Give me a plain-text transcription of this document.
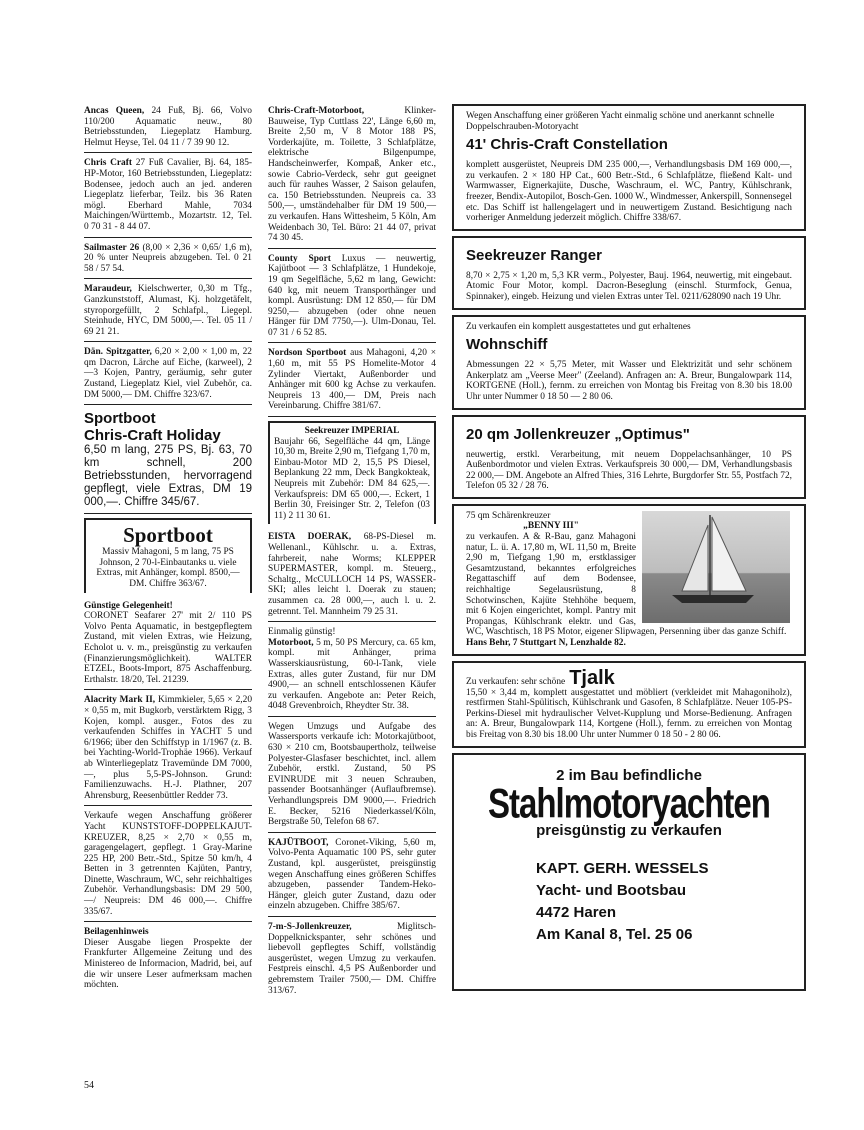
Ancas Queen, 24 Fuß, Bj. 66, Volvo 110/200 Aquamatic neuw., 80 Betriebsstunden, Liegeplatz Hamburg. Helmut Heyse, Tel. 04 11 / 7 39 90 12.
Chris Craft 27 Fuß Cavalier, Bj. 64, 185-HP-Motor, 160 Betriebsstunden, Liegeplatz: Bodensee, jedoch auch an jed. anderen Liegeplatz lieferbar, Teilz. bis 36 Raten mögl. Eberhard Mahle, 7034 Maichingen/Württemb., Mozartstr. 12, Tel. 0 70 31 - 8 44 07.
Sailmaster 26 (8,00 × 2,36 × 0,65/ 1,6 m), 20 % unter Neupreis abzugeben. Tel. 0 21 58 / 57 54.
Maraudeur, Kielschwerter, 0,30 m Tfg., Ganzkunststoff, Alumast, Kj. holzgetäfelt, styroporgefüllt, 2 Schlafpl., Liegepl. Steinhude, HYC, DM 5000,—. Tel. 05 11 / 69 21 21.
Dän. Spitzgatter, 6,20 × 2,00 × 1,00 m, 22 qm Dacron, Lärche auf Eiche, (karweel), 2—3 Kojen, Pantry, geräumig, sehr guter Zustand, Liegeplatz Kiel, viel Zubehör, ca. DM 5000,— DM. Chiffre 323/67.
Sportboot
Chris-Craft Holiday
6,50 m lang, 275 PS, Bj. 63, 70 km schnell, 200 Betriebsstunden, hervorragend gepflegt, viele Extras, DM 19 000,—. Chiffre 345/67.
Sportboot
Massiv Mahagoni, 5 m lang, 75 PS Johnson, 2 70-l-Einbautanks u. viele Extras, mit Anhänger, kompl. 8500,— DM. Chiffre 363/67.
Günstige Gelegenheit!
CORONET Seafarer 27' mit 2/ 110 PS Volvo Penta Aquamatic, in bestgepflegtem Zustand, mit vielen Extras, wie Heizung, Echolot u. v. m., preisgünstig zu verkaufen (Finanzierungsmöglichkeit). WALTER ETZEL, Boots-Import, 875 Aschaffenburg. Erthalstr. 18/20, Tel. 21239.
Alacrity Mark II, Kimmkieler, 5,65 × 2,20 × 0,55 m, mit Bugkorb, verstärktem Rigg, 3 Kojen, kompl. ausger., Fotos des zu verkaufenden Schiffes in YACHT 5 und 6/1966; über den Schiffstyp in 1/1967 (z. B. bei Yachting-World-Trophäe 1966). Verkauf ab Winterliegeplatz Travemünde DM 7000,—, plus 5,5-PS-Johnson. Grund: Familienzuwachs. H.-J. Plathner, 207 Ahrensburg, Reesenbüttler Redder 73.
Verkaufe wegen Anschaffung größerer Yacht KUNSTSTOFF-DOPPELKAJUT-KREUZER, 8,25 × 2,70 × 0,55 m, garagengelagert, gepflegt. 1 Gray-Marine 225 HP, 200 Betr.-Std., Spitze 50 km/h, 4 Betten in 3 getrennten Kajüten, Pantry, Dinette, Waschraum, WC, sehr reichhaltiges Zubehör. Verhandlungsbasis: DM 29 500,—/ Neupreis: DM 46 000,—. Chiffre 335/67.
Beilagenhinweis
Dieser Ausgabe liegen Prospekte der Frankfurter Allgemeine Zeitung und des Ministereo de Informacion, Madrid, bei, auf die wir unsere Leser aufmerksam machen möchten.
Chris-Craft-Motorboot,	Klinker-Bauweise, Typ Cuttlass 22', Länge 6,60 m, Breite 2,50 m, V 8 Motor 188 PS, Vorderkajüte, m. Toilette, 3 Schlafplätze, elektrische Bilgenpumpe, Handscheinwerfer, Kompaß, Anker etc., sowie Cabrio-Verdeck, sehr gut geeignet auch für rauhes Wasser, 2 Saison gelaufen, ca. 150 Betriebsstunden. Neupreis ca. 33 500,—, umständehalber für DM 19 500,— zu verkaufen. Hans Wittesheim, 5 Köln, Am Weidenbach 30, Tel. Büro: 21 44 07, privat 74 30 45.
County Sport Luxus — neuwertig, Kajütboot — 3 Schlafplätze, 1 Hundekoje, 19 qm Segelfläche, 5,62 m lang, Gewicht: 640 kg, mit neuem Transporthänger und kompl. Ausrüstung: DM 12 850,— für DM 9250,— abzugeben (oder ohne neuen Hänger für DM 7750,—). Ulm-Donau, Tel. 07 31 / 6 52 85.
Nordson Sportboot aus Mahagoni, 4,20 × 1,60 m, mit 55 PS Homelite-Motor 4 Zylinder Viertakt, Außenborder und Anhänger mit 600 kg Achse zu verkaufen. Neupreis 13 400,— DM, Preis nach Vereinbarung. Chiffre 381/67.
Seekreuzer IMPERIAL
Baujahr 66, Segelfläche 44 qm, Länge 10,30 m, Breite 2,90 m, Tiefgang 1,70 m, Einbau-Motor MD 2, 15,5 PS Diesel, Beplankung 22 mm, Deck Bangkokteak, Neupreis mit Zubehör: DM 84 625,—. Verkaufspreis: DM 65 000,—. Eckert, 1 Berlin 30, Freisinger Str. 2, Telefon (03 11) 2 11 30 61.
EISTA DOERAK, 68-PS-Diesel m. Wellenanl., Kühlschr. u. a. Extras, fahrbereit, nahe Worms; KLEPPER SUPERMASTER, kompl. m. Steuerg., Schaltg., McCULLOCH 14 PS, WASSER-SKI; alles leicht l. Doerak zu stauen; zusammen ca. 28 000,—, auch l. u. 2. getrennt. Tel. Mannheim 79 25 31.
Einmalig günstig!
Motorboot, 5 m, 50 PS Mercury, ca. 65 km, kompl. mit Anhänger, prima Wasserskiausrüstung, 60-l-Tank, viele Extras, alles guter Zustand, für nur DM 4900,— an schnell entschlossenen Käufer zu verkaufen. Angebote an: Peter Reich, 4048 Grevenbroich, Rheydter Str. 38.
Wegen Umzugs und Aufgabe des Wassersports verkaufe ich: Motorkajütboot, 630 × 210 cm, Bootsbaupertholz, teilweise Polyester-Glasfaser beschichtet, incl. allem Zubehör, erstkl. Zustand, 50 PS EVINRUDE mit 3 neuen Schrauben, passender Bootsanhänger (Auflaufbremse). Verhandlungspreis DM 9000,—. Friedrich E. Becker, 5216 Niederkassel/Köln, Bergstraße 50, Telefon 68 67.
KAJÜTBOOT, Coronet-Viking, 5,60 m, Volvo-Penta Aquamatic 100 PS, sehr guter Zustand, kpl. ausgerüstet, preisgünstig wegen Anschaffung eines größeren Schiffes abzugeben, passender Tandem-Heko-Hänger, gleich guter Zustand, dazu oder einzeln abzugeben. Chiffre 385/67.
7-m-S-Jollenkreuzer,	Miglitsch-Doppelknickspanter, sehr schönes und liebevoll gepflegtes Schiff, vollständig ausgerüstet, wegen Umzug zu verkaufen. Festpreis einschl. 4,5 PS Außenborder und gebremstem Trailer 7500,— DM. Chiffre 313/67.
Wegen Anschaffung einer größeren Yacht einmalig schöne und anerkannt schnelle Doppelschrauben-Motoryacht
41' Chris-Craft Constellation
komplett ausgerüstet, Neupreis DM 235 000,—, Verhandlungsbasis DM 169 000,—, zu verkaufen. 2 × 180 HP Cat., 600 Betr.-Std., 6 Schlafplätze, fließend Kalt- und Warmwasser, Eignerkajüte, Dusche, Waschraum, el. WC, Pantry, Kühlschrank, freezer, Bendix-Autopilot, Bosch-Gen. 1000 W., Windmesser, Ankerspill, Sonnensegel etc. Das Schiff ist hallengelagert und in neuwertigem Zustand. Besichtigung nach vorheriger Anmeldung jederzeit möglich. Chiffre 338/67.
Seekreuzer Ranger
8,70 × 2,75 × 1,20 m, 5,3 KR verm., Polyester, Bauj. 1964, neuwertig, mit eingebaut. Atomic Four Motor, kompl. Dacron-Beseglung (einschl. Sturmfock, Genua, Spinnaker), eingeb. Heizung und vielen Extras unter Tel. 0211/628090 nach 19 Uhr.
Zu verkaufen ein komplett ausgestattetes und gut erhaltenes
Wohnschiff
Abmessungen 22 × 5,75 Meter, mit Wasser und Elektrizität und sehr schönem Ankerplatz am „Veerse Meer" (Zeeland). Anfragen an: A. Breur, Bungalowpark 114, KORTGENE (Holl.), fernm. zu erreichen von Montag bis Freitag von 8.30 bis 18.00 Uhr unter Nummer 0 18 50 — 2 80 06.
20 qm Jollenkreuzer „Optimus"
neuwertig, erstkl. Verarbeitung, mit neuem Doppelachsanhänger, 10 PS Außenbordmotor und vielen Extras. Verkaufspreis 30 000,— DM, Verhandlungsbasis 22 000,— DM. Angebote an Alfred Thies, 316 Lehrte, Burgdorfer Str. 55, Postfach 72, Telefon 05 32 / 28 76.
75 qm Schärenkreuzer
„BENNY III"
zu verkaufen. A & R-Bau, ganz Mahagoni natur, L. ü. A. 17,80 m, WL 11,50 m, Breite 2,90 m, Tiefgang 1,90 m, erstklassiger Gesamtzustand, bekanntes erfolgreiches Regattaschiff auf dem Bodensee, reichhaltige Segelausrüstung, 8 Schotwinschen, Kajüte Stehhöhe bequem, mit 6 Kojen eingerichtet, kompl. Pantry mit Propangas, Kühlschrank elektr. und Gas, WC, Waschtisch, 18 PS Motor, eigener Slipwagen, Persenning über das ganze Schiff.
Hans Behr, 7 Stuttgart N, Lenzhalde 82.
Zu verkaufen: sehr schöne Tjalk
15,50 × 3,44 m, komplett ausgestattet und möbliert (verkleidet mit Mahagoniholz), restfirmen Stahl-Spülitisch, Kühlschrank und Gasofen, 8 Schlafplätze. Neuer 105-PS-Perkins-Diesel mit hydraulischer Velvet-Kupplung und Morse-Bedienung. Anfragen an: A. Breur, Bungalowpark 114, Kortgene (Holl.), fernm. zu erreichen von Montag bis Freitag von 8.30 bis 18.00 Uhr unter Nummer 0 18 50 - 2 80 06.
2 im Bau befindliche
Stahlmotoryachten
preisgünstig zu verkaufen
KAPT. GERH. WESSELS
Yacht- und Bootsbau
4472 Haren
Am Kanal 8, Tel. 25 06
54
